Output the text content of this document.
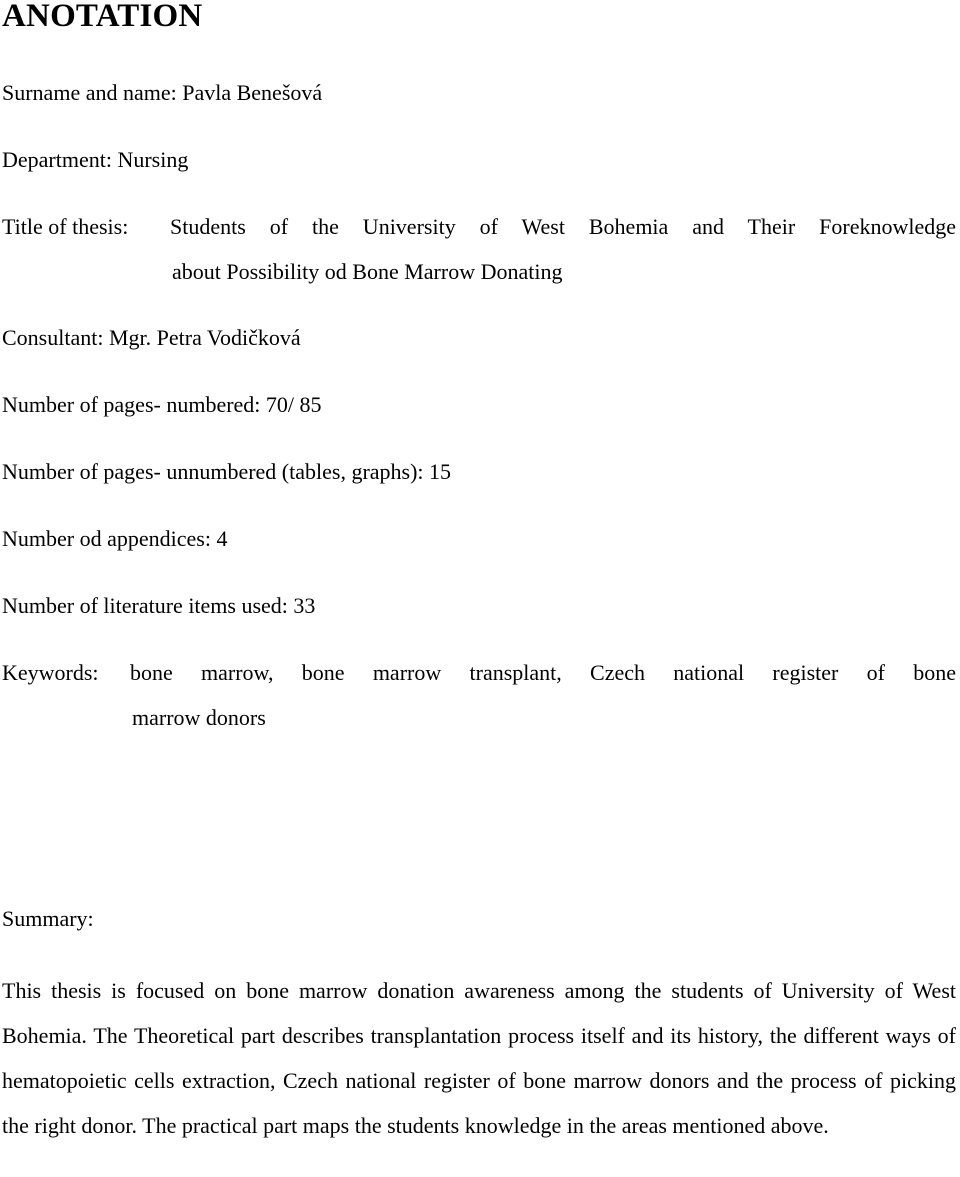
ANOTATION
Surname and name: Pavla Benešová
Department: Nursing
Title of thesis:	Students of the University of West Bohemia and Their Foreknowledge
about Possibility od Bone Marrow Donating
Consultant: Mgr. Petra Vodičková
Number of pages- numbered: 70/ 85
Number of pages- unnumbered (tables, graphs): 15
Number od appendices: 4
Number of literature items used: 33
Keywords:	bone marrow, bone marrow transplant, Czech national register of bone
marrow donors
Summary:

This thesis is focused on bone marrow donation awareness among the students of University of West Bohemia. The Theoretical part describes transplantation process itself and its history, the different ways of hematopoietic cells extraction, Czech national register of bone marrow donors and the process of picking the right donor. The practical part maps the students knowledge in the areas mentioned above.
